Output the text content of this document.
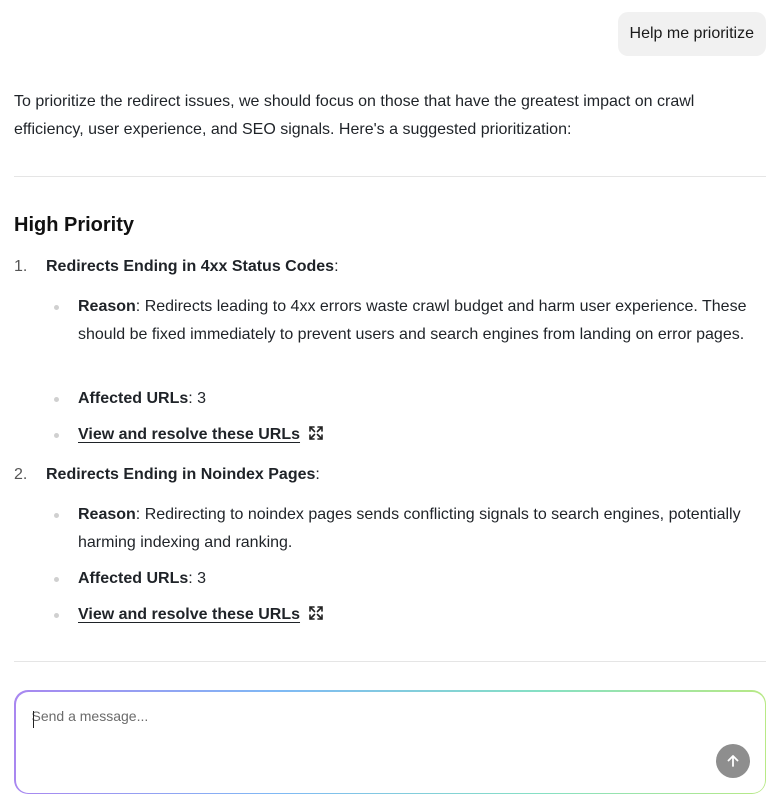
Help me prioritize

To prioritize the redirect issues, we should focus on those that have the greatest impact on crawl efficiency, user experience, and SEO signals. Here's a suggested prioritization:

High Priority
1. Redirects Ending in 4xx Status Codes:
Reason: Redirects leading to 4xx errors waste crawl budget and harm user experience. These should be fixed immediately to prevent users and search engines from landing on error pages.
Affected URLs: 3
View and resolve these URLs
2. Redirects Ending in Noindex Pages:
Reason: Redirecting to noindex pages sends conflicting signals to search engines, potentially harming indexing and ranking.
Affected URLs: 3
View and resolve these URLs
Send a message...
